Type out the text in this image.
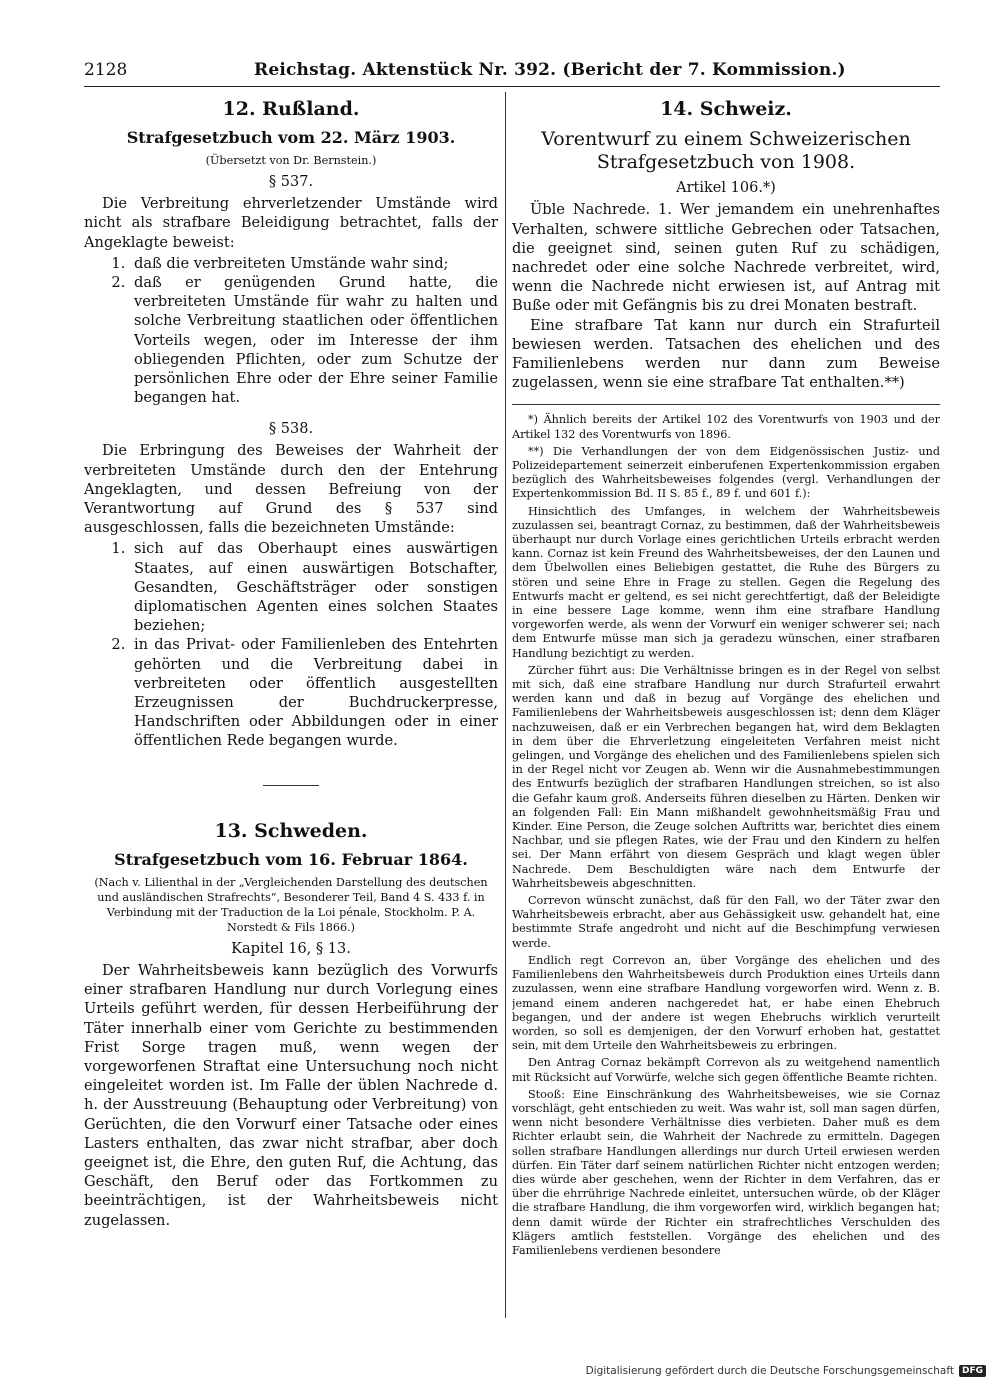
2128	Reichstag. Aktenstück Nr. 392. (Bericht der 7. Kommission.)
12. Rußland.
Strafgesetzbuch vom 22. März 1903.
(Übersetzt von Dr. Bernstein.)
§ 537.

Die Verbreitung ehrverletzender Umstände wird nicht als strafbare Beleidigung betrachtet, falls der Angeklagte beweist:

1. daß die verbreiteten Umstände wahr sind;
2. daß er genügenden Grund hatte, die verbreiteten Umstände für wahr zu halten und solche Verbreitung staatlichen oder öffentlichen Vorteils wegen, oder im Interesse der ihm obliegenden Pflichten, oder zum Schutze der persönlichen Ehre oder der Ehre seiner Familie begangen hat.
§ 538.

Die Erbringung des Beweises der Wahrheit der verbreiteten Umstände durch den der Entehrung Angeklagten, und dessen Befreiung von der Verantwortung auf Grund des § 537 sind ausgeschlossen, falls die bezeichneten Umstände:

1. sich auf das Oberhaupt eines auswärtigen Staates, auf einen auswärtigen Botschafter, Gesandten, Geschäftsträger oder sonstigen diplomatischen Agenten eines solchen Staates beziehen;
2. in das Privat- oder Familienleben des Entehrten gehörten und die Verbreitung dabei in verbreiteten oder öffentlich ausgestellten Erzeugnissen der Buchdruckerpresse, Handschriften oder Abbildungen oder in einer öffentlichen Rede begangen wurde.
13. Schweden.
Strafgesetzbuch vom 16. Februar 1864.
(Nach v. Lilienthal in der „Vergleichenden Darstellung des deutschen und ausländischen Strafrechts“, Besonderer Teil, Band 4 S. 433 f. in Verbindung mit der Traduction de la Loi pénale, Stockholm. P. A. Norstedt & Fils 1866.)
Kapitel 16, § 13.

Der Wahrheitsbeweis kann bezüglich des Vorwurfs einer strafbaren Handlung nur durch Vorlegung eines Urteils geführt werden, für dessen Herbeiführung der Täter innerhalb einer vom Gerichte zu bestimmenden Frist Sorge tragen muß, wenn wegen der vorgeworfenen Straftat eine Untersuchung noch nicht eingeleitet worden ist. Im Falle der üblen Nachrede d. h. der Ausstreuung (Behauptung oder Verbreitung) von Gerüchten, die den Vorwurf einer Tatsache oder eines Lasters enthalten, das zwar nicht strafbar, aber doch geeignet ist, die Ehre, den guten Ruf, die Achtung, das Geschäft, den Beruf oder das Fortkommen zu beeinträchtigen, ist der Wahrheitsbeweis nicht zugelassen.

14. Schweiz.
Vorentwurf zu einem Schweizerischen Strafgesetzbuch von 1908.
Artikel 106.*)

Üble Nachrede. 1. Wer jemandem ein unehrenhaftes Verhalten, schwere sittliche Gebrechen oder Tatsachen, die geeignet sind, seinen guten Ruf zu schädigen, nachredet oder eine solche Nachrede verbreitet, wird, wenn die Nachrede nicht erwiesen ist, auf Antrag mit Buße oder mit Gefängnis bis zu drei Monaten bestraft.

Eine strafbare Tat kann nur durch ein Strafurteil bewiesen werden. Tatsachen des ehelichen und des Familienlebens werden nur dann zum Beweise zugelassen, wenn sie eine strafbare Tat enthalten.**)

*) Ähnlich bereits der Artikel 102 des Vorentwurfs von 1903 und der Artikel 132 des Vorentwurfs von 1896.

**) Die Verhandlungen der von dem Eidgenössischen Justiz- und Polizeidepartement seinerzeit einberufenen Expertenkommission ergaben bezüglich des Wahrheitsbeweises folgendes (vergl. Verhandlungen der Expertenkommission Bd. II S. 85 f., 89 f. und 601 f.):

Hinsichtlich des Umfanges, in welchem der Wahrheitsbeweis zuzulassen sei, beantragt Cornaz, zu bestimmen, daß der Wahrheitsbeweis überhaupt nur durch Vorlage eines gerichtlichen Urteils erbracht werden kann. Cornaz ist kein Freund des Wahrheitsbeweises, der den Launen und dem Übelwollen eines Beliebigen gestattet, die Ruhe des Bürgers zu stören und seine Ehre in Frage zu stellen. Gegen die Regelung des Entwurfs macht er geltend, es sei nicht gerechtfertigt, daß der Beleidigte in eine bessere Lage komme, wenn ihm eine strafbare Handlung vorgeworfen werde, als wenn der Vorwurf ein weniger schwerer sei; nach dem Entwurfe müsse man sich ja geradezu wünschen, einer strafbaren Handlung bezichtigt zu werden.

Zürcher führt aus: Die Verhältnisse bringen es in der Regel von selbst mit sich, daß eine strafbare Handlung nur durch Strafurteil erwahrt werden kann und daß in bezug auf Vorgänge des ehelichen und Familienlebens der Wahrheitsbeweis ausgeschlossen ist; denn dem Kläger nachzuweisen, daß er ein Verbrechen begangen hat, wird dem Beklagten in dem über die Ehrverletzung eingeleiteten Verfahren meist nicht gelingen, und Vorgänge des ehelichen und des Familienlebens spielen sich in der Regel nicht vor Zeugen ab. Wenn wir die Ausnahmebestimmungen des Entwurfs bezüglich der strafbaren Handlungen streichen, so ist also die Gefahr kaum groß. Anderseits führen dieselben zu Härten. Denken wir an folgenden Fall: Ein Mann mißhandelt gewohnheitsmäßig Frau und Kinder. Eine Person, die Zeuge solchen Auftritts war, berichtet dies einem Nachbar, und sie pflegen Rates, wie der Frau und den Kindern zu helfen sei. Der Mann erfährt von diesem Gespräch und klagt wegen übler Nachrede. Dem Beschuldigten wäre nach dem Entwurfe der Wahrheitsbeweis abgeschnitten.

Correvon wünscht zunächst, daß für den Fall, wo der Täter zwar den Wahrheitsbeweis erbracht, aber aus Gehässigkeit usw. gehandelt hat, eine bestimmte Strafe angedroht und nicht auf die Beschimpfung verwiesen werde.

Endlich regt Correvon an, über Vorgänge des ehelichen und des Familienlebens den Wahrheitsbeweis durch Produktion eines Urteils dann zuzulassen, wenn eine strafbare Handlung vorgeworfen wird. Wenn z. B. jemand einem anderen nachgeredet hat, er habe einen Ehebruch begangen, und der andere ist wegen Ehebruchs wirklich verurteilt worden, so soll es demjenigen, der den Vorwurf erhoben hat, gestattet sein, mit dem Urteile den Wahrheitsbeweis zu erbringen.

Den Antrag Cornaz bekämpft Correvon als zu weitgehend namentlich mit Rücksicht auf Vorwürfe, welche sich gegen öffentliche Beamte richten.

Stooß: Eine Einschränkung des Wahrheitsbeweises, wie sie Cornaz vorschlägt, geht entschieden zu weit. Was wahr ist, soll man sagen dürfen, wenn nicht besondere Verhältnisse dies verbieten. Daher muß es dem Richter erlaubt sein, die Wahrheit der Nachrede zu ermitteln. Dagegen sollen strafbare Handlungen allerdings nur durch Urteil erwiesen werden dürfen. Ein Täter darf seinem natürlichen Richter nicht entzogen werden; dies würde aber geschehen, wenn der Richter in dem Verfahren, das er über die ehrrührige Nachrede einleitet, untersuchen würde, ob der Kläger die strafbare Handlung, die ihm vorgeworfen wird, wirklich begangen hat; denn damit würde der Richter ein strafrechtliches Verschulden des Klägers amtlich feststellen. Vorgänge des ehelichen und des Familienlebens verdienen besondere

Digitalisierung gefördert durch die Deutsche Forschungsgemeinschaft DFG
